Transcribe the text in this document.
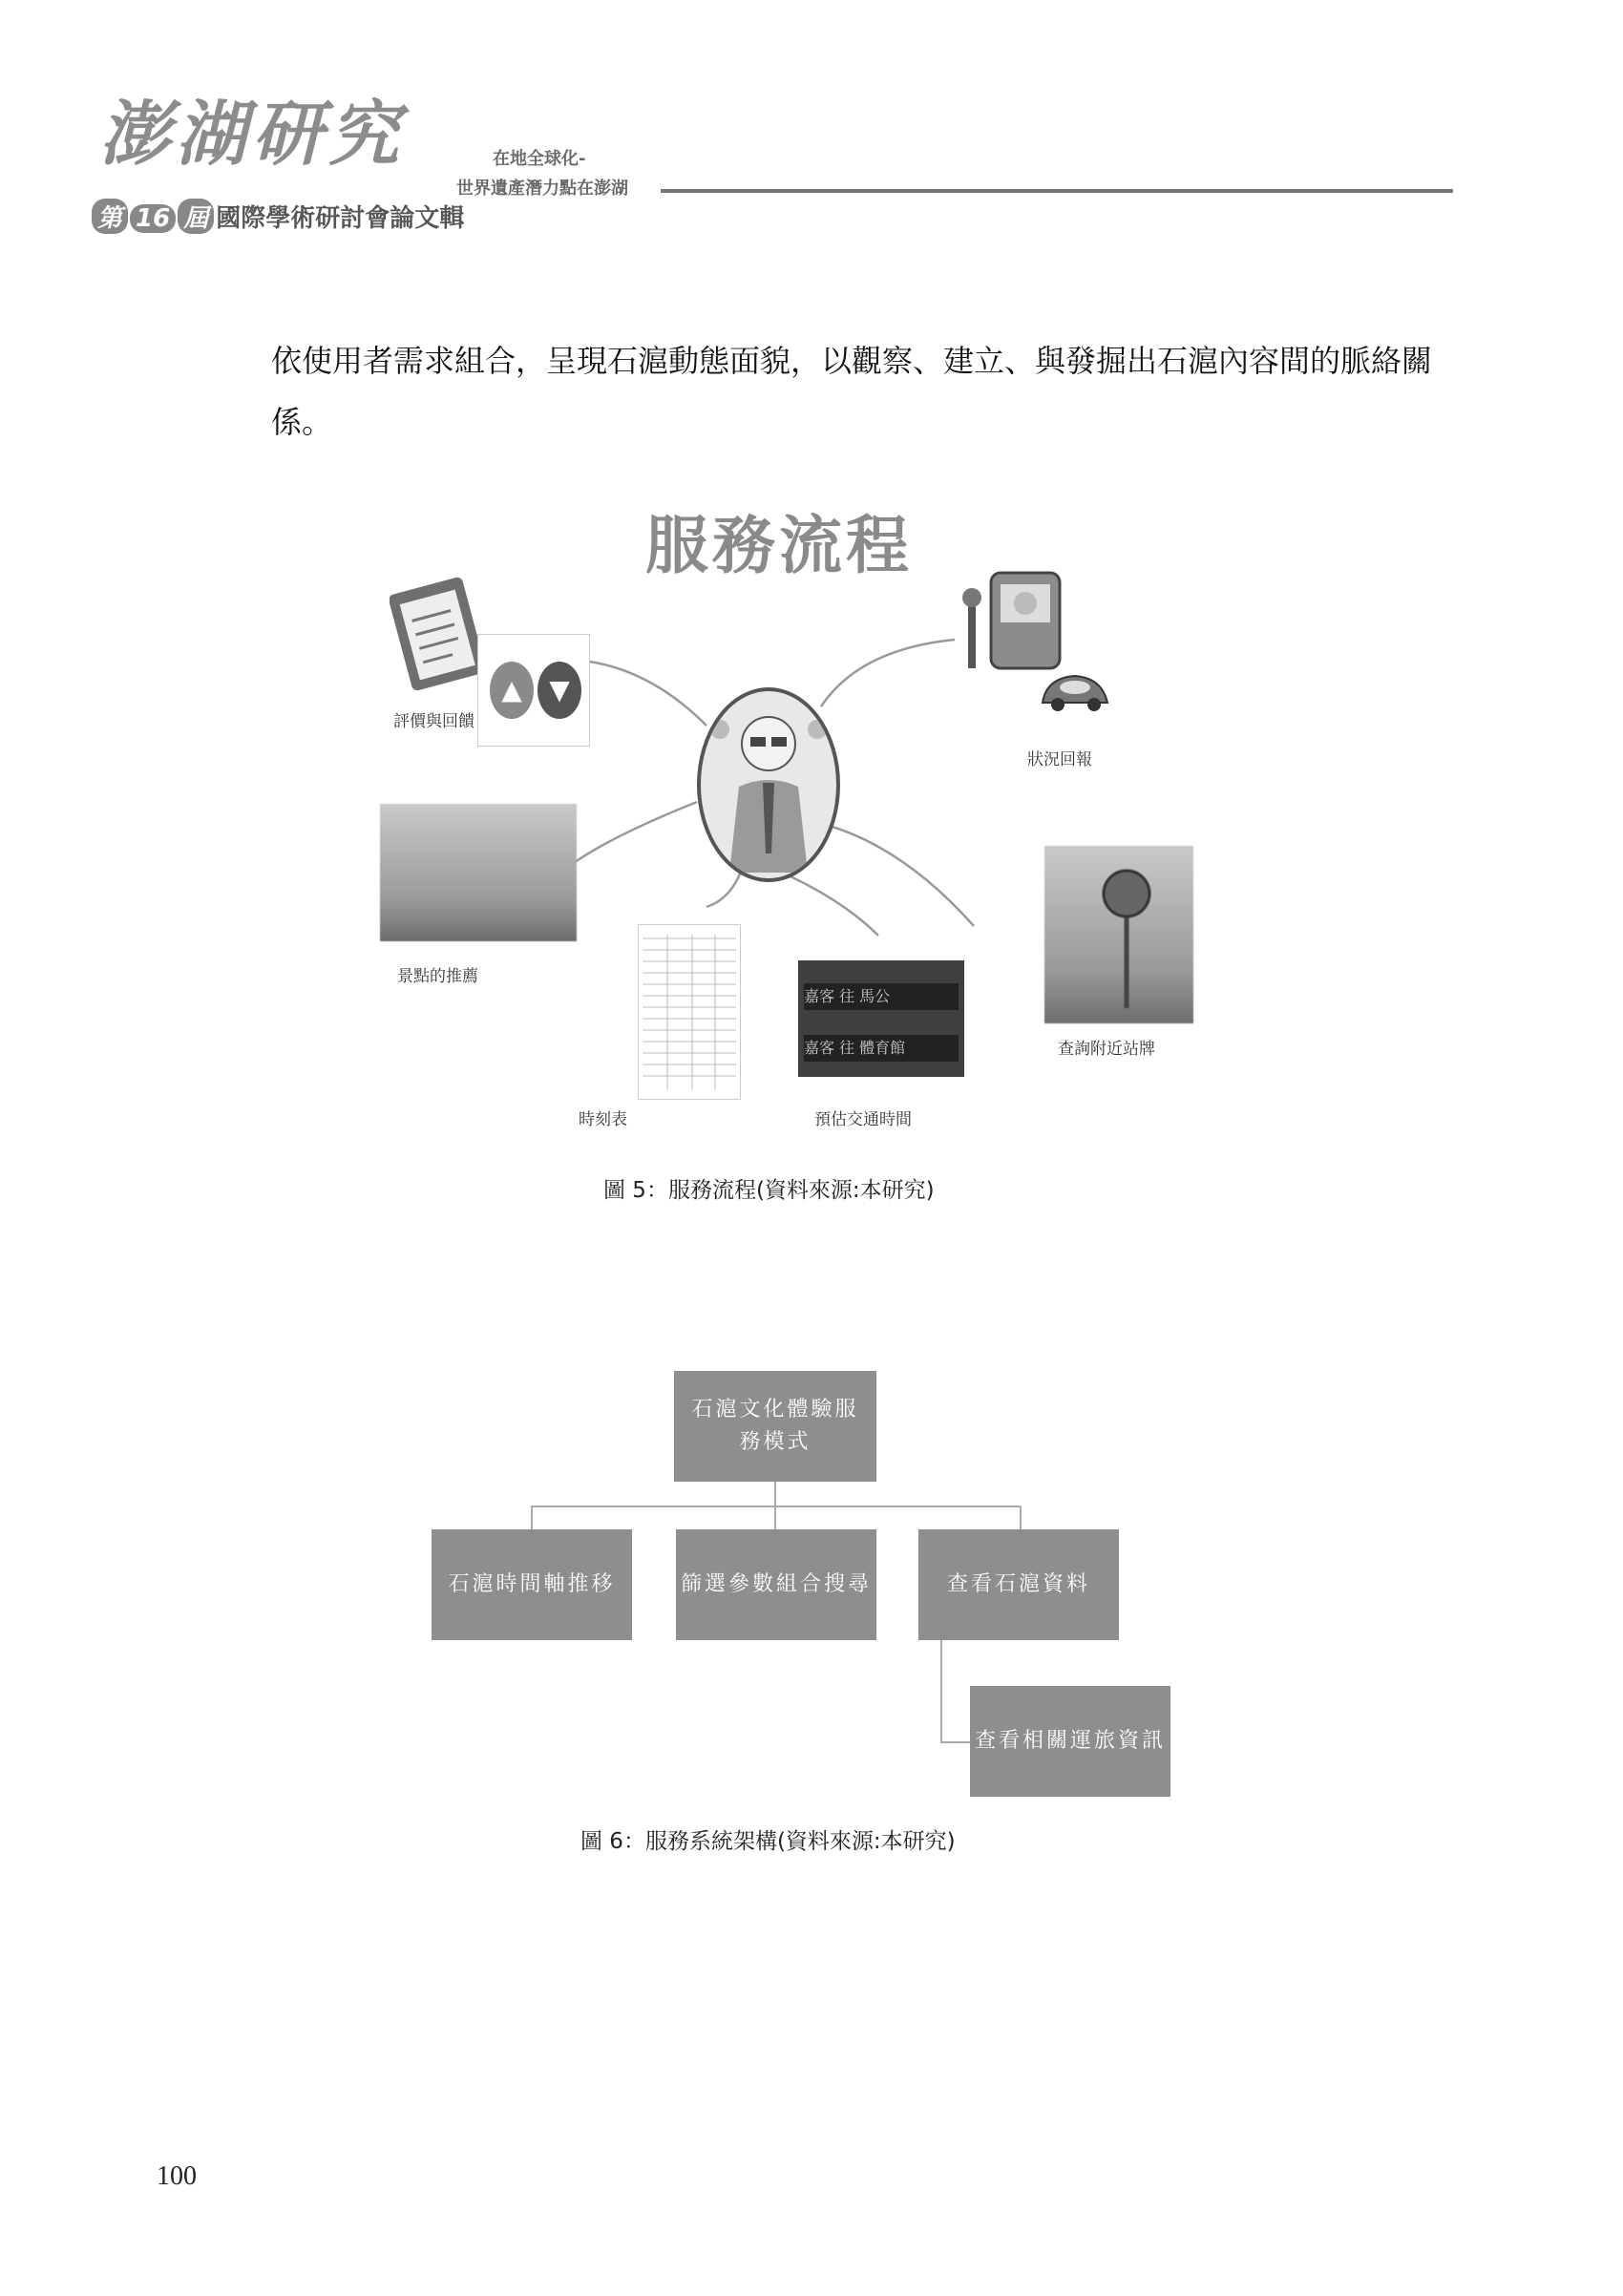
澎湖研究
第 16 屆 國際學術研討會論文輯
在地全球化-
世界遺產潛力點在澎湖
依使用者需求組合，呈現石滬動態面貌，以觀察、建立、與發掘出石滬內容間的脈絡關係。
服務流程
▲	▼
評價與回饋
狀況回報
景點的推薦
時刻表
嘉客 往 馬公
嘉客 往 體育館
預估交通時間
查詢附近站牌
圖 5：服務流程(資料來源:本研究)
石滬文化體驗服務模式
石滬時間軸推移	篩選參數組合搜尋	查看石滬資料
查看相關運旅資訊
圖 6：服務系統架構(資料來源:本研究)
100
